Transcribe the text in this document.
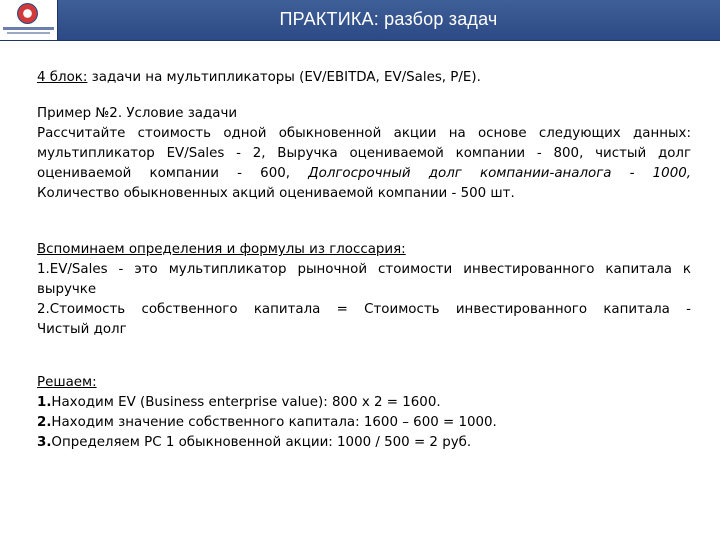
ПРАКТИКА: разбор задач
4 блок: задачи на мультипликаторы (EV/EBITDA, EV/Sales, P/E).
Пример №2. Условие задачи
Рассчитайте стоимость одной обыкновенной акции на основе следующих данных:
мультипликатор EV/Sales - 2, Выручка оцениваемой компании - 800, чистый долг
оцениваемой компании - 600, Долгосрочный долг компании-аналога - 1000,
Количество обыкновенных акций оцениваемой компании - 500 шт.
Вспоминаем определения и формулы из глоссария:
1.EV/Sales - это мультипликатор рыночной стоимости инвестированного капитала к
выручке
2.Стоимость собственного капитала = Стоимость инвестированного капитала -
Чистый долг
Решаем:
1.Находим EV (Business enterprise value): 800 х 2 = 1600.
2.Находим значение собственного капитала: 1600 – 600 = 1000.
3.Определяем РС 1 обыкновенной акции: 1000 / 500 = 2 руб.
